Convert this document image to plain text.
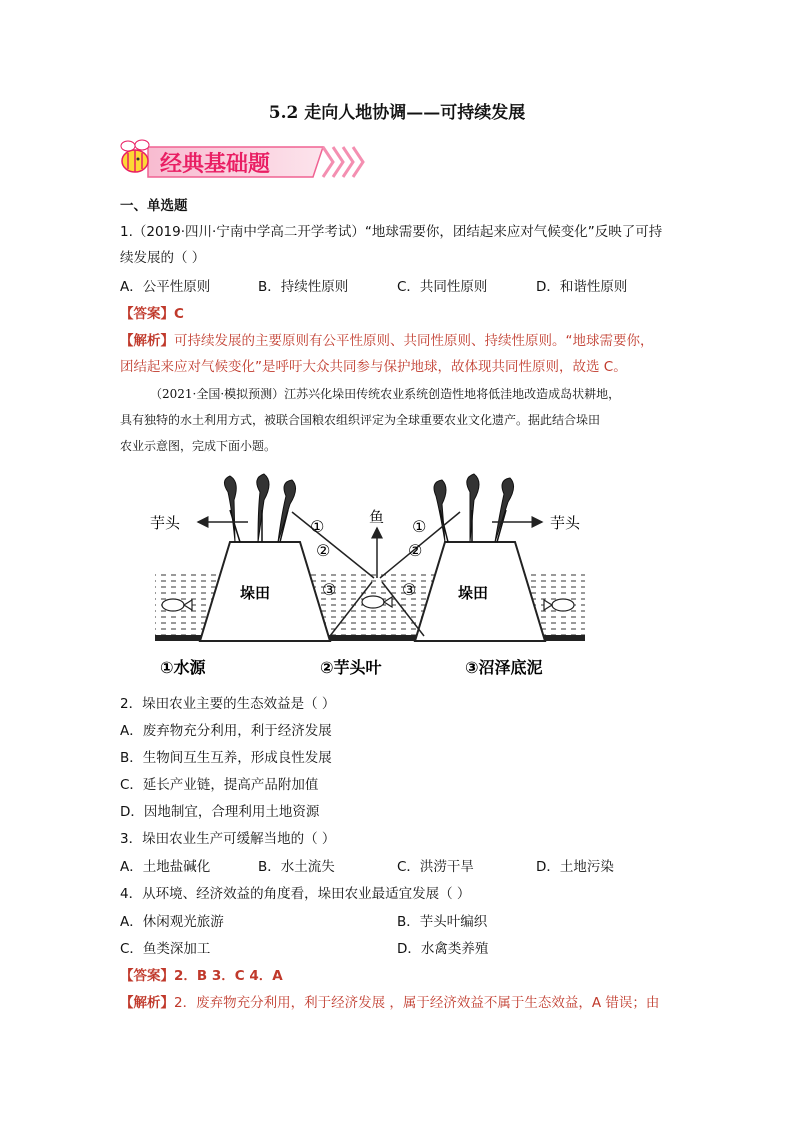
5.2 走向人地协调——可持续发展
经典基础题
一、单选题
1.（2019·四川·宁南中学高二开学考试）“地球需要你，团结起来应对气候变化”反映了可持
续发展的（ ）
A．公平性原则	B．持续性原则	C．共同性原则	D．和谐性原则
【答案】C
【解析】可持续发展的主要原则有公平性原则、共同性原则、持续性原则。“地球需要你，
团结起来应对气候变化”是呼吁大众共同参与保护地球，故体现共同性原则，故选 C。
（2021·全国·模拟预测）江苏兴化垛田传统农业系统创造性地将低洼地改造成岛状耕地，
具有独特的水土利用方式，被联合国粮农组织评定为全球重要农业文化遗产。据此结合垛田
农业示意图，完成下面小题。
垛田	垛田
芋头	芋头
鱼
①
②
③
①
②
③
①水源	②芋头叶	③沼泽底泥
2．垛田农业主要的生态效益是（ ）
A．废弃物充分利用，利于经济发展
B．生物间互生互养，形成良性发展
C．延长产业链，提高产品附加值
D．因地制宜，合理利用土地资源
3．垛田农业生产可缓解当地的（ ）
A．土地盐碱化	B．水土流失	C．洪涝干旱	D．土地污染
4．从环境、经济效益的角度看，垛田农业最适宜发展（ ）
A．休闲观光旅游	B．芋头叶编织
C．鱼类深加工	D．水禽类养殖
【答案】2．B 3．C 4．A
【解析】2．废弃物充分利用，利于经济发展 ，属于经济效益不属于生态效益，A 错误；由
